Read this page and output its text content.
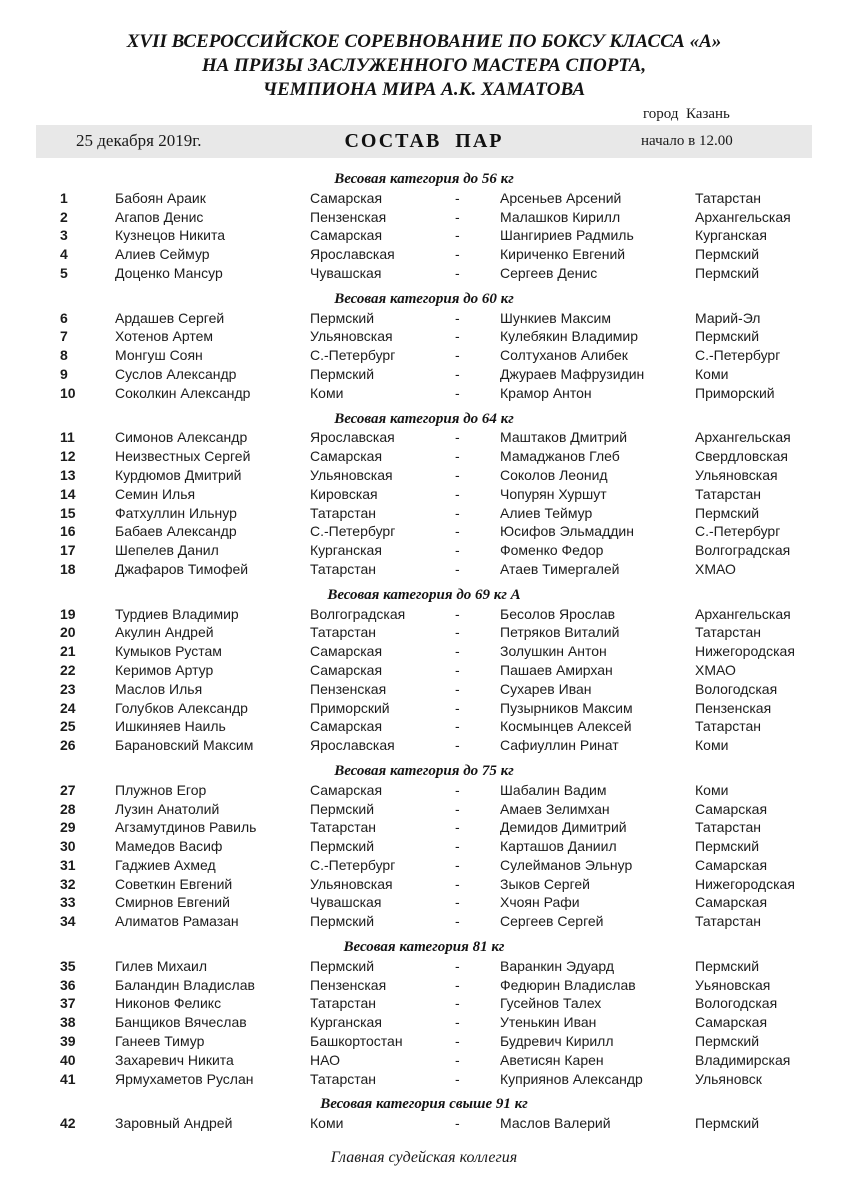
XVII ВСЕРОССИЙСКОЕ СОРЕВНОВАНИЕ ПО БОКСУ КЛАССА «А»
НА ПРИЗЫ ЗАСЛУЖЕННОГО МАСТЕРА СПОРТА,
ЧЕМПИОНА МИРА А.К. ХАМАТОВА
город  Казань
25 декабря 2019г.	СОСТАВ  ПАР	начало в 12.00
Весовая категория до 56 кг
1	Бабоян Араик	Самарская	-	Арсеньев Арсений	Татарстан
2	Агапов Денис	Пензенская	-	Малашков Кирилл	Архангельская
3	Кузнецов Никита	Самарская	-	Шангириев Радмиль	Курганская
4	Алиев Сеймур	Ярославская	-	Кириченко Евгений	Пермский
5	Доценко Мансур	Чувашская	-	Сергеев Денис	Пермский
Весовая категория до 60 кг
6	Ардашев Сергей	Пермский	-	Шункиев Максим	Марий-Эл
7	Хотенов Артем	Ульяновская	-	Кулебякин Владимир	Пермский
8	Монгуш Соян	С.-Петербург	-	Солтуханов Алибек	С.-Петербург
9	Суслов Александр	Пермский	-	Джураев Мафрузидин	Коми
10	Соколкин Александр	Коми	-	Крамор Антон	Приморский
Весовая категория до 64 кг
11	Симонов Александр	Ярославская	-	Маштаков Дмитрий	Архангельская
12	Неизвестных Сергей	Самарская	-	Мамаджанов Глеб	Свердловская
13	Курдюмов Дмитрий	Ульяновская	-	Соколов Леонид	Ульяновская
14	Семин Илья	Кировская	-	Чопурян Хуршут	Татарстан
15	Фатхуллин Ильнур	Татарстан	-	Алиев Теймур	Пермский
16	Бабаев Александр	С.-Петербург	-	Юсифов Эльмаддин	С.-Петербург
17	Шепелев Данил	Курганская	-	Фоменко Федор	Волгоградская
18	Джафаров Тимофей	Татарстан	-	Атаев Тимергалей	ХМАО
Весовая категория до 69 кг А
19	Турдиев Владимир	Волгоградская	-	Бесолов Ярослав	Архангельская
20	Акулин Андрей	Татарстан	-	Петряков Виталий	Татарстан
21	Кумыков Рустам	Самарская	-	Золушкин Антон	Нижегородская
22	Керимов Артур	Самарская	-	Пашаев Амирхан	ХМАО
23	Маслов Илья	Пензенская	-	Сухарев Иван	Вологодская
24	Голубков Александр	Приморский	-	Пузырников Максим	Пензенская
25	Ишкиняев Наиль	Самарская	-	Космынцев Алексей	Татарстан
26	Барановский Максим	Ярославская	-	Сафиуллин Ринат	Коми
Весовая категория до 75 кг
27	Плужнов Егор	Самарская	-	Шабалин Вадим	Коми
28	Лузин Анатолий	Пермский	-	Амаев Зелимхан	Самарская
29	Агзамутдинов Равиль	Татарстан	-	Демидов Димитрий	Татарстан
30	Мамедов Васиф	Пермский	-	Карташов Даниил	Пермский
31	Гаджиев Ахмед	С.-Петербург	-	Сулейманов Эльнур	Самарская
32	Советкин Евгений	Ульяновская	-	Зыков Сергей	Нижегородская
33	Смирнов Евгений	Чувашская	-	Хчоян Рафи	Самарская
34	Алиматов Рамазан	Пермский	-	Сергеев Сергей	Татарстан
Весовая категория 81 кг
35	Гилев Михаил	Пермский	-	Варанкин Эдуард	Пермский
36	Баландин Владислав	Пензенская	-	Федюрин Владислав	Уьяновская
37	Никонов Феликс	Татарстан	-	Гусейнов Талех	Вологодская
38	Банщиков Вячеслав	Курганская	-	Утенькин Иван	Самарская
39	Ганеев Тимур	Башкортостан	-	Будревич Кирилл	Пермский
40	Захаревич Никита	НАО	-	Аветисян Карен	Владимирская
41	Ярмухаметов Руслан	Татарстан	-	Куприянов Александр	Ульяновск
Весовая категория свыше 91 кг
42	Заровный Андрей	Коми	-	Маслов Валерий	Пермский
Главная судейская коллегия
